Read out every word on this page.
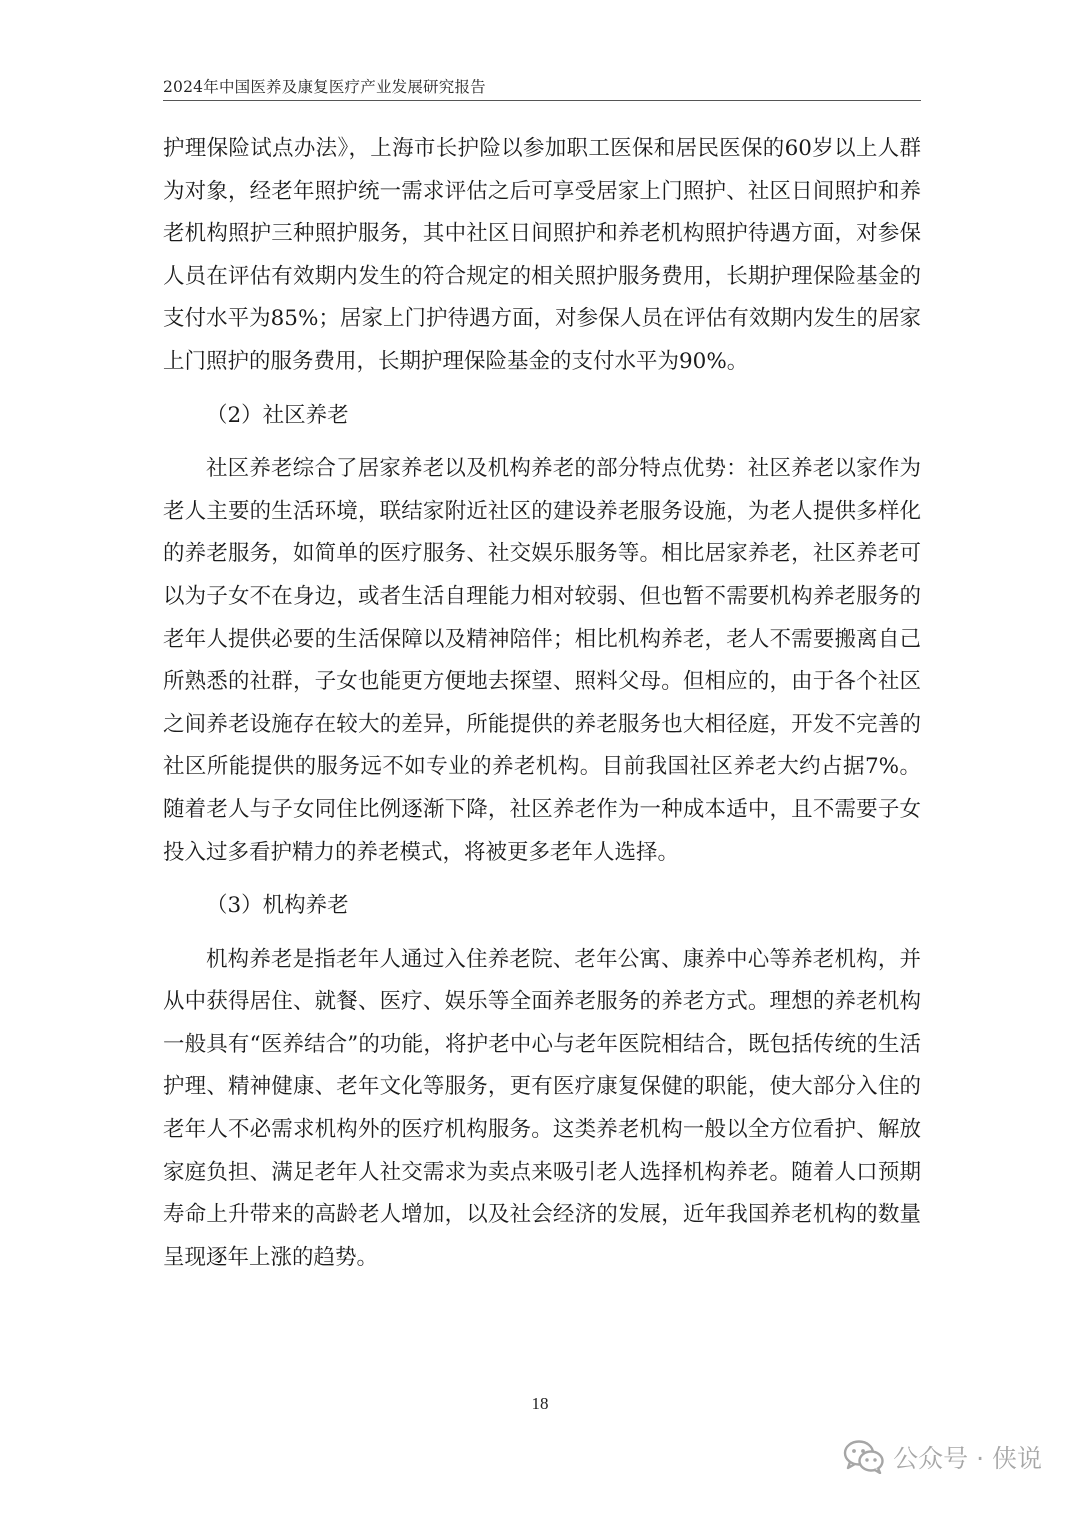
2024年中国医养及康复医疗产业发展研究报告

护理保险试点办法》，上海市长护险以参加职工医保和居民医保的60岁以上人群为对象，经老年照护统一需求评估之后可享受居家上门照护、社区日间照护和养老机构照护三种照护服务，其中社区日间照护和养老机构照护待遇方面，对参保人员在评估有效期内发生的符合规定的相关照护服务费用，长期护理保险基金的支付水平为85%；居家上门护待遇方面，对参保人员在评估有效期内发生的居家上门照护的服务费用，长期护理保险基金的支付水平为90%。

（2）社区养老

社区养老综合了居家养老以及机构养老的部分特点优势：社区养老以家作为老人主要的生活环境，联结家附近社区的建设养老服务设施，为老人提供多样化的养老服务，如简单的医疗服务、社交娱乐服务等。相比居家养老，社区养老可以为子女不在身边，或者生活自理能力相对较弱、但也暂不需要机构养老服务的老年人提供必要的生活保障以及精神陪伴；相比机构养老，老人不需要搬离自己所熟悉的社群，子女也能更方便地去探望、照料父母。但相应的，由于各个社区之间养老设施存在较大的差异，所能提供的养老服务也大相径庭，开发不完善的社区所能提供的服务远不如专业的养老机构。目前我国社区养老大约占据7%。随着老人与子女同住比例逐渐下降，社区养老作为一种成本适中，且不需要子女投入过多看护精力的养老模式，将被更多老年人选择。

（3）机构养老

机构养老是指老年人通过入住养老院、老年公寓、康养中心等养老机构，并从中获得居住、就餐、医疗、娱乐等全面养老服务的养老方式。理想的养老机构一般具有“医养结合”的功能，将护老中心与老年医院相结合，既包括传统的生活护理、精神健康、老年文化等服务，更有医疗康复保健的职能，使大部分入住的老年人不必需求机构外的医疗机构服务。这类养老机构一般以全方位看护、解放家庭负担、满足老年人社交需求为卖点来吸引老人选择机构养老。随着人口预期寿命上升带来的高龄老人增加，以及社会经济的发展，近年我国养老机构的数量呈现逐年上涨的趋势。

18
公众号 · 侠说
